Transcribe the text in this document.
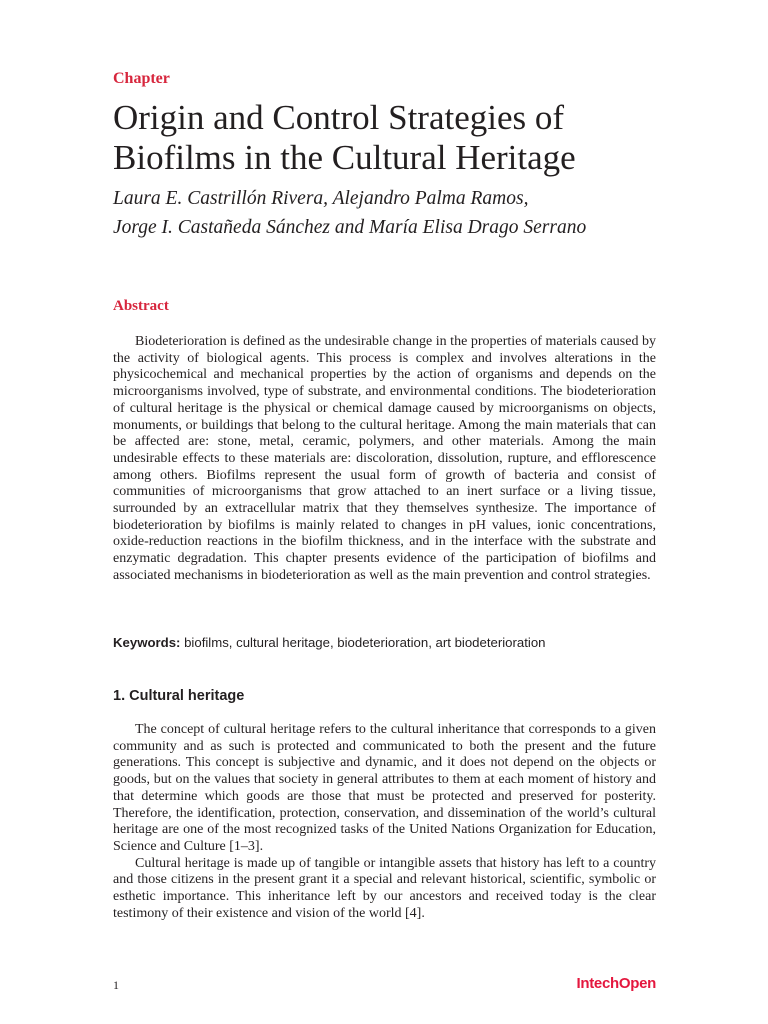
Chapter
Origin and Control Strategies of Biofilms in the Cultural Heritage
Laura E. Castrillón Rivera, Alejandro Palma Ramos,
Jorge I. Castañeda Sánchez and María Elisa Drago Serrano
Abstract

Biodeterioration is defined as the undesirable change in the properties of materials caused by the activity of biological agents. This process is complex and involves alterations in the physicochemical and mechanical properties by the action of organisms and depends on the microorganisms involved, type of substrate, and environmental conditions. The biodeterioration of cultural heritage is the physical or chemical damage caused by microorganisms on objects, monuments, or buildings that belong to the cultural heritage. Among the main materials that can be affected are: stone, metal, ceramic, polymers, and other materials. Among the main undesirable effects to these materials are: discoloration, dissolution, rupture, and efflorescence among others. Biofilms represent the usual form of growth of bacteria and consist of communities of microorganisms that grow attached to an inert surface or a living tissue, surrounded by an extracellular matrix that they themselves synthesize. The importance of biodeterioration by biofilms is mainly related to changes in pH values, ionic concentrations, oxide-reduction reactions in the biofilm thickness, and in the interface with the substrate and enzymatic degradation. This chapter presents evidence of the participation of biofilms and associated mechanisms in biodeterioration as well as the main prevention and control strategies.

Keywords: biofilms, cultural heritage, biodeterioration, art biodeterioration
1. Cultural heritage

The concept of cultural heritage refers to the cultural inheritance that corresponds to a given community and as such is protected and communicated to both the present and the future generations. This concept is subjective and dynamic, and it does not depend on the objects or goods, but on the values that society in general attributes to them at each moment of history and that determine which goods are those that must be protected and preserved for posterity. Therefore, the identification, protection, conservation, and dissemination of the world’s cultural heritage are one of the most recognized tasks of the United Nations Organization for Education, Science and Culture [1–3].

Cultural heritage is made up of tangible or intangible assets that history has left to a country and those citizens in the present grant it a special and relevant historical, scientific, symbolic or esthetic importance. This inheritance left by our ancestors and received today is the clear testimony of their existence and vision of the world [4].

1	IntechOpen
